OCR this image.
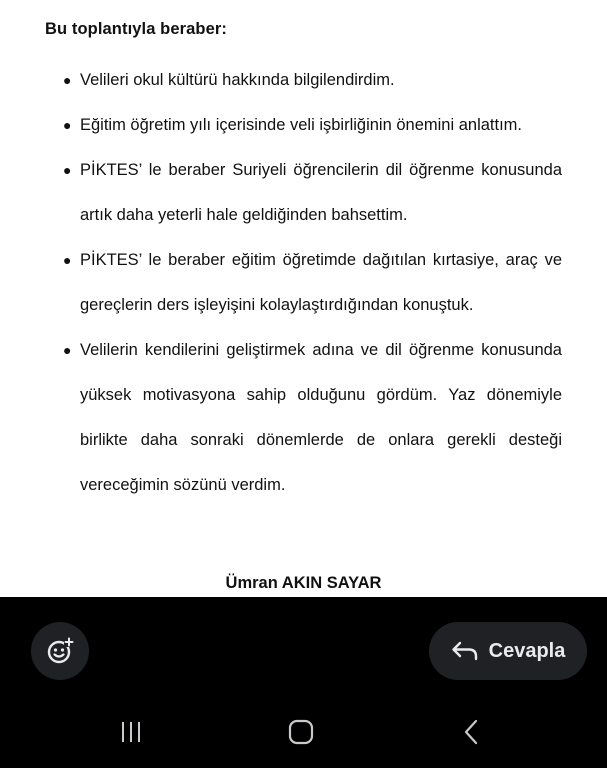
Bu toplantıyla beraber:
● Velileri okul kültürü hakkında bilgilendirdim.
● Eğitim öğretim yılı içerisinde veli işbirliğinin önemini anlattım.
● PİKTES’ le beraber Suriyeli öğrencilerin dil öğrenme konusunda artık daha yeterli hale geldiğinden bahsettim.
● PİKTES’ le beraber eğitim öğretimde dağıtılan kırtasiye, araç ve gereçlerin ders işleyişini kolaylaştırdığından konuştuk.
● Velilerin kendilerini geliştirmek adına ve dil öğrenme konusunda yüksek motivasyona sahip olduğunu gördüm. Yaz dönemiyle birlikte daha sonraki dönemlerde de onlara gerekli desteği vereceğimin sözünü verdim.
Ümran AKIN SAYAR
Cevapla
